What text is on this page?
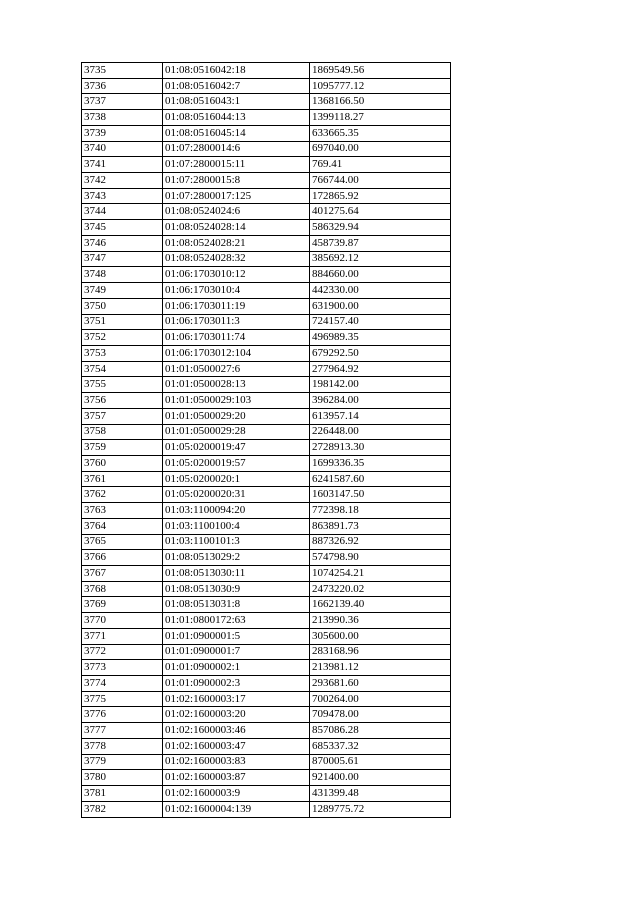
3735	01:08:0516042:18	1869549.56
3736	01:08:0516042:7	1095777.12
3737	01:08:0516043:1	1368166.50
3738	01:08:0516044:13	1399118.27
3739	01:08:0516045:14	633665.35
3740	01:07:2800014:6	697040.00
3741	01:07:2800015:11	769.41
3742	01:07:2800015:8	766744.00
3743	01:07:2800017:125	172865.92
3744	01:08:0524024:6	401275.64
3745	01:08:0524028:14	586329.94
3746	01:08:0524028:21	458739.87
3747	01:08:0524028:32	385692.12
3748	01:06:1703010:12	884660.00
3749	01:06:1703010:4	442330.00
3750	01:06:1703011:19	631900.00
3751	01:06:1703011:3	724157.40
3752	01:06:1703011:74	496989.35
3753	01:06:1703012:104	679292.50
3754	01:01:0500027:6	277964.92
3755	01:01:0500028:13	198142.00
3756	01:01:0500029:103	396284.00
3757	01:01:0500029:20	613957.14
3758	01:01:0500029:28	226448.00
3759	01:05:0200019:47	2728913.30
3760	01:05:0200019:57	1699336.35
3761	01:05:0200020:1	6241587.60
3762	01:05:0200020:31	1603147.50
3763	01:03:1100094:20	772398.18
3764	01:03:1100100:4	863891.73
3765	01:03:1100101:3	887326.92
3766	01:08:0513029:2	574798.90
3767	01:08:0513030:11	1074254.21
3768	01:08:0513030:9	2473220.02
3769	01:08:0513031:8	1662139.40
3770	01:01:0800172:63	213990.36
3771	01:01:0900001:5	305600.00
3772	01:01:0900001:7	283168.96
3773	01:01:0900002:1	213981.12
3774	01:01:0900002:3	293681.60
3775	01:02:1600003:17	700264.00
3776	01:02:1600003:20	709478.00
3777	01:02:1600003:46	857086.28
3778	01:02:1600003:47	685337.32
3779	01:02:1600003:83	870005.61
3780	01:02:1600003:87	921400.00
3781	01:02:1600003:9	431399.48
3782	01:02:1600004:139	1289775.72
